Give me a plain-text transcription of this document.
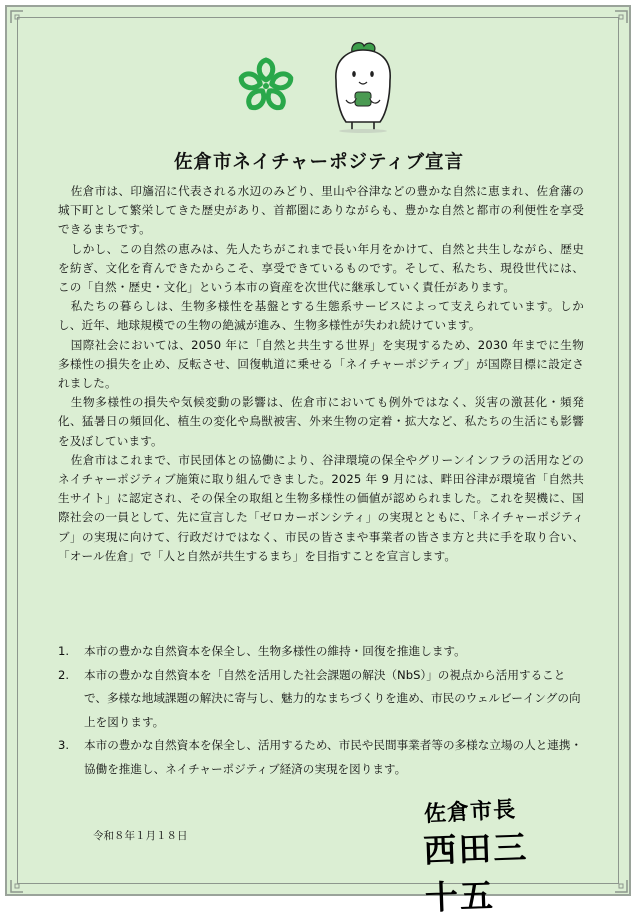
佐倉市ネイチャーポジティブ宣言

佐倉市は、印旛沼に代表される水辺のみどり、里山や谷津などの豊かな自然に恵まれ、佐倉藩の城下町として繁栄してきた歴史があり、首都圏にありながらも、豊かな自然と都市の利便性を享受できるまちです。

しかし、この自然の恵みは、先人たちがこれまで長い年月をかけて、自然と共生しながら、歴史を紡ぎ、文化を育んできたからこそ、享受できているものです。そして、私たち、現役世代には、この「自然・歴史・文化」という本市の資産を次世代に継承していく責任があります。

私たちの暮らしは、生物多様性を基盤とする生態系サービスによって支えられています。しかし、近年、地球規模での生物の絶滅が進み、生物多様性が失われ続けています。

国際社会においては、2050 年に「自然と共生する世界」を実現するため、2030 年までに生物多様性の損失を止め、反転させ、回復軌道に乗せる「ネイチャーポジティブ」が国際目標に設定されました。

生物多様性の損失や気候変動の影響は、佐倉市においても例外ではなく、災害の激甚化・頻発化、猛暑日の頻回化、植生の変化や鳥獣被害、外来生物の定着・拡大など、私たちの生活にも影響を及ぼしています。

佐倉市はこれまで、市民団体との協働により、谷津環境の保全やグリーンインフラの活用などのネイチャーポジティブ施策に取り組んできました。2025 年 9 月には、畔田谷津が環境省「自然共生サイト」に認定され、その保全の取組と生物多様性の価値が認められました。これを契機に、国際社会の一員として、先に宣言した「ゼロカーボンシティ」の実現とともに、「ネイチャーポジティブ」の実現に向けて、行政だけではなく、市民の皆さまや事業者の皆さま方と共に手を取り合い、「オール佐倉」で「人と自然が共生するまち」を目指すことを宣言します。

1.	本市の豊かな自然資本を保全し、生物多様性の維持・回復を推進します。
2.	本市の豊かな自然資本を「自然を活用した社会課題の解決（NbS）」の視点から活用することで、多様な地域課題の解決に寄与し、魅力的なまちづくりを進め、市民のウェルビーイングの向上を図ります。
3.	本市の豊かな自然資本を保全し、活用するため、市民や民間事業者等の多様な立場の人と連携・協働を推進し、ネイチャーポジティブ経済の実現を図ります。
令和８年１月１８日
佐倉市長
西田三十五
